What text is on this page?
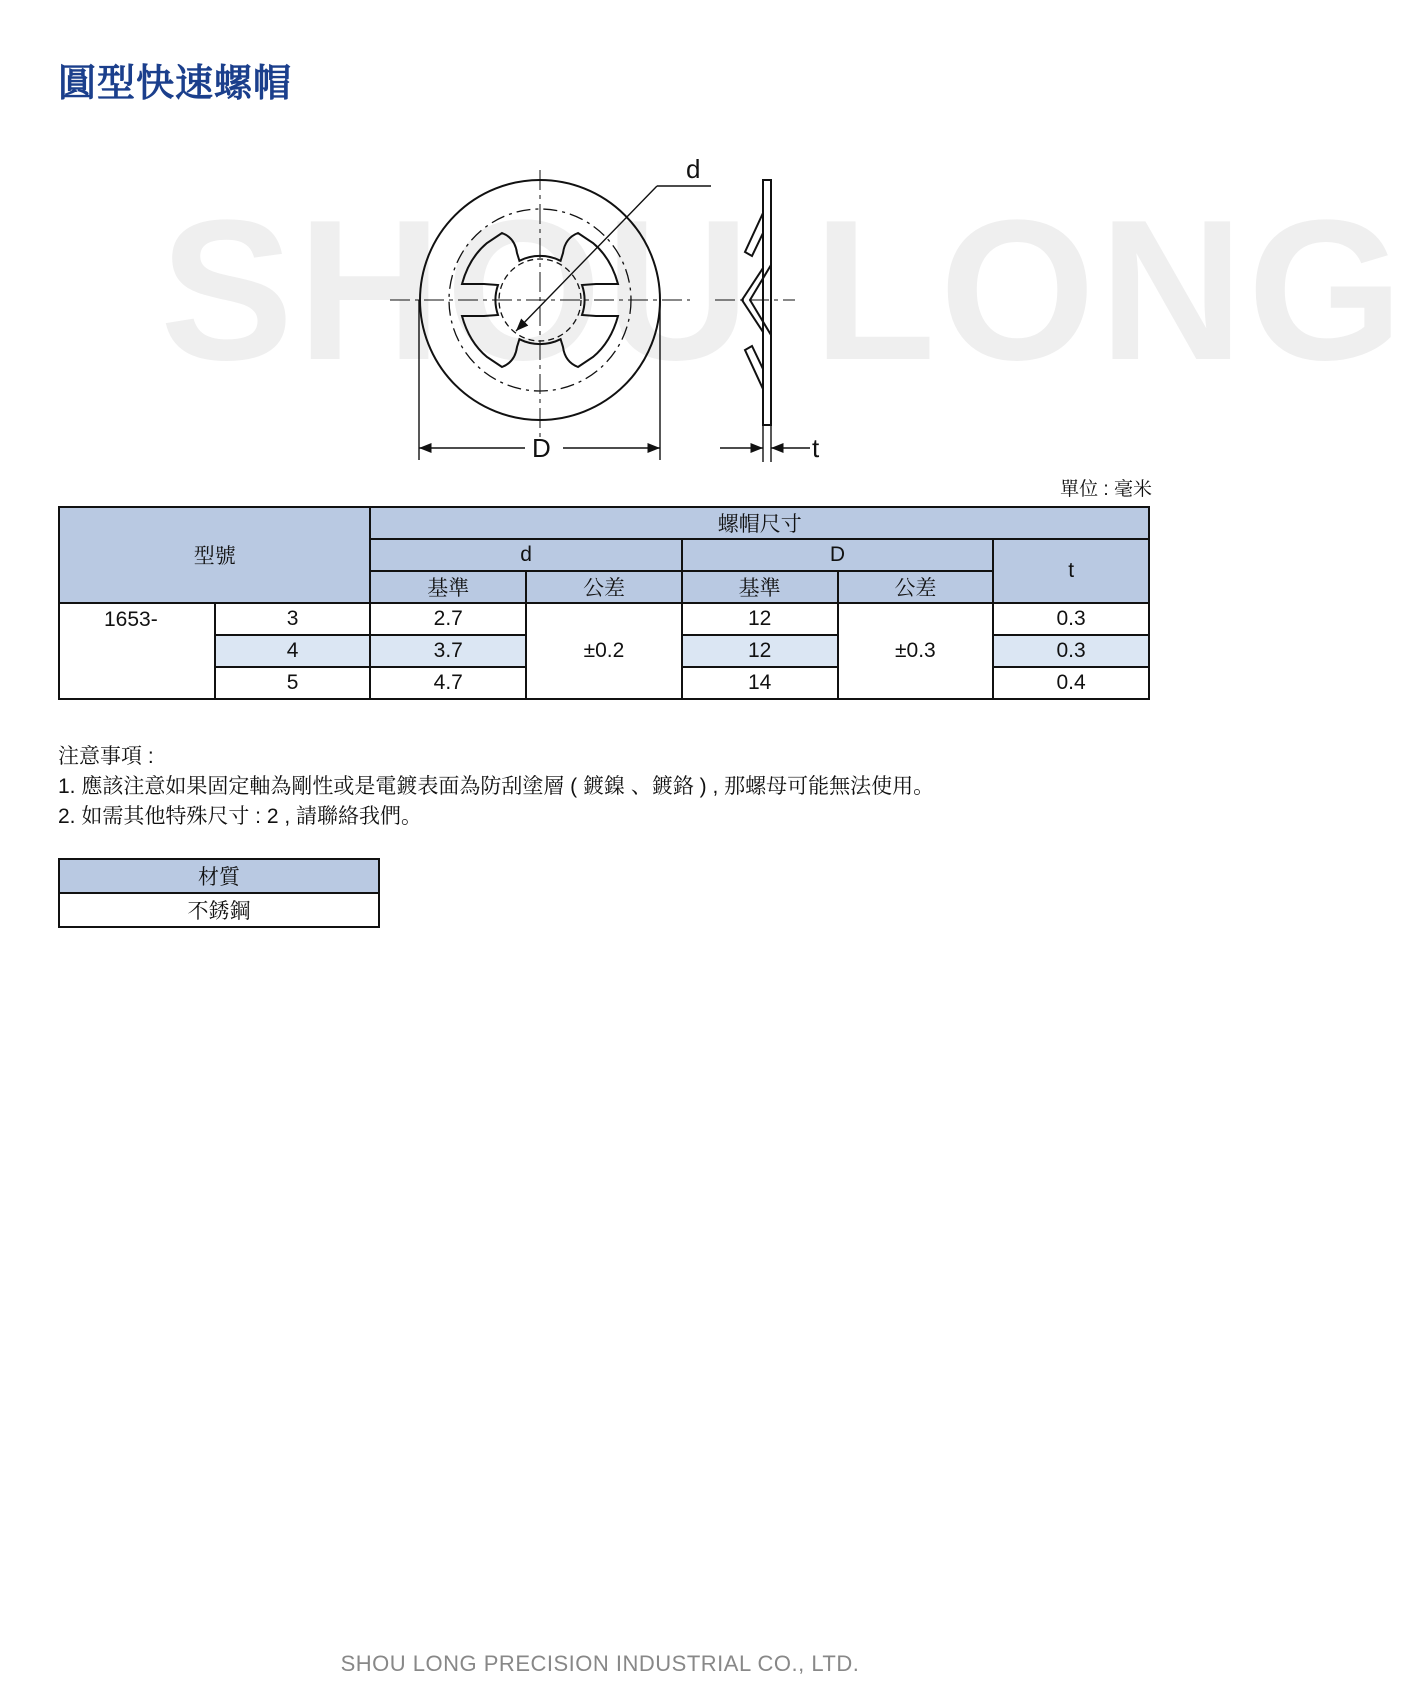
圓型快速螺帽
SHOU LONG
d
D	t
單位 : 毫米
型號		螺帽尺寸				
		d		D		t
		基準	公差	基準	公差	
1653-	3	2.7	±0.2	12	±0.3	0.3
	4	3.7		12		0.3
	5	4.7		14		0.4
注意事項 :
1. 應該注意如果固定軸為剛性或是電鍍表面為防刮塗層 ( 鍍鎳 、鍍鉻 ) , 那螺母可能無法使用。
2. 如需其他特殊尺寸 : 2 , 請聯絡我們。
材質
不銹鋼
SHOU LONG PRECISION INDUSTRIAL CO., LTD.
